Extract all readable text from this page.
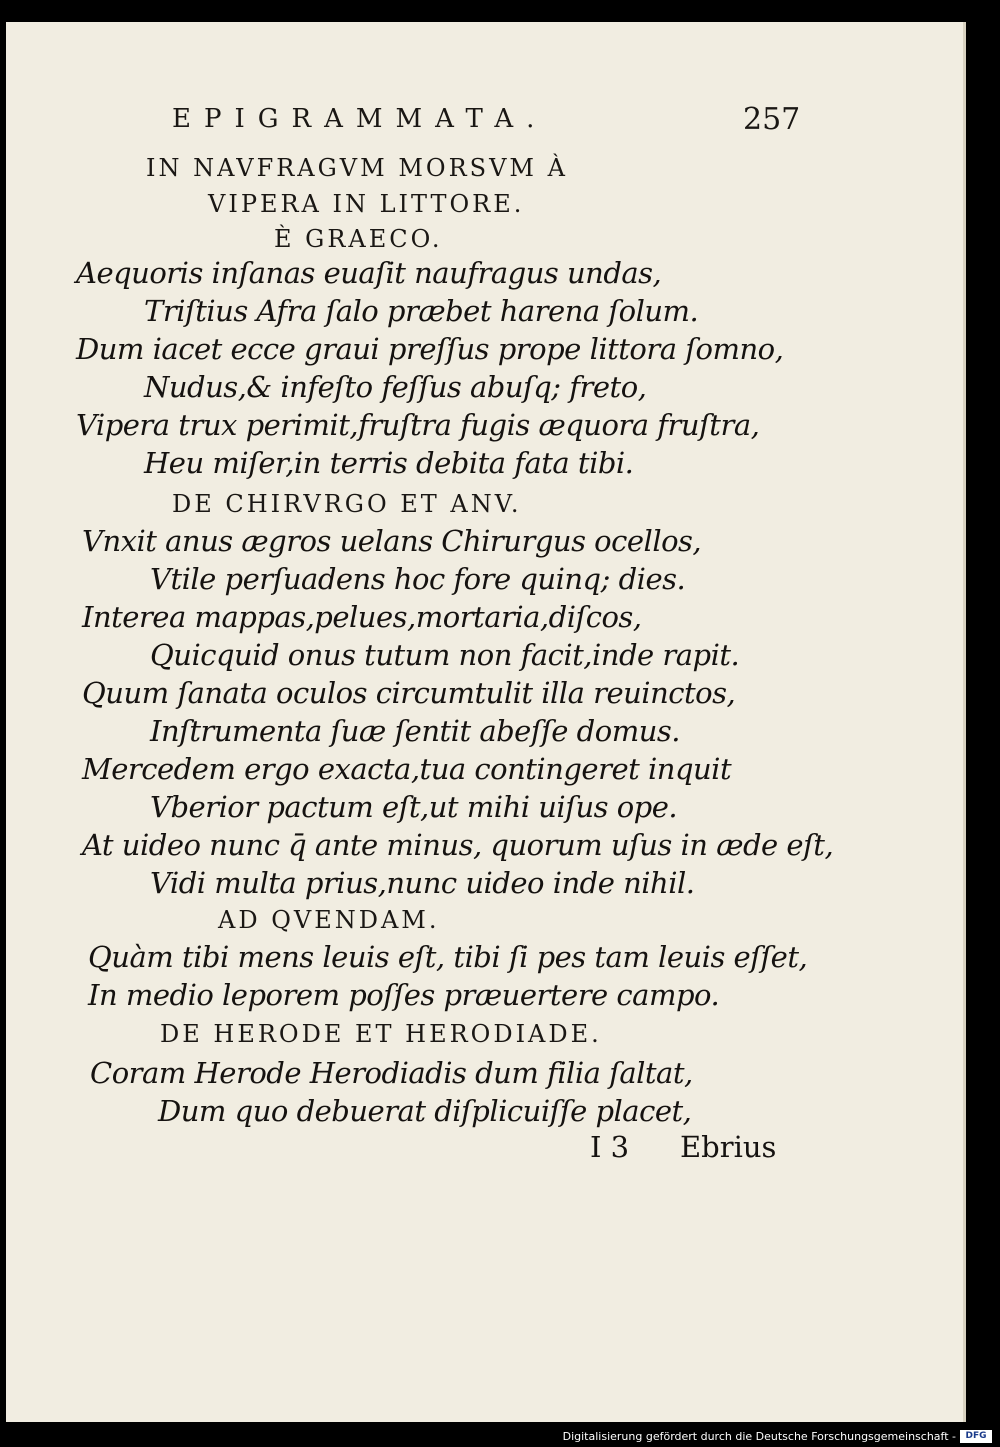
EPIGRAMMATA.	257
IN NAVFRAGVM MORSVM À
VIPERA IN LITTORE.
È GRAECO.
Aequoris inſanas euaſit naufragus undas,
Triſtius Afra ſalo præbet harena ſolum.
Dum iacet ecce graui preſſus prope littora ſomno,
Nudus,& infeſto feſſus abuſq; freto,
Vipera trux perimit,fruſtra fugis æquora fruſtra,
Heu miſer,in terris debita fata tibi.
DE CHIRVRGO ET ANV.
Vnxit anus ægros uelans Chirurgus ocellos,
Vtile perſuadens hoc fore quinq; dies.
Interea mappas,pelues,mortaria,diſcos,
Quicquid onus tutum non facit,inde rapit.
Quum ſanata oculos circumtulit illa reuinctos,
Inſtrumenta ſuæ ſentit abeſſe domus.
Mercedem ergo exacta,tua contingeret inquit
Vberior pactum eſt,ut mihi uiſus ope.
At uideo nunc q̄ ante minus, quorum uſus in æde eſt,
Vidi multa prius,nunc uideo inde nihil.
AD QVENDAM.
Quàm tibi mens leuis eſt, tibi ſi pes tam leuis eſſet,
In medio leporem poſſes præuertere campo.
DE HERODE ET HERODIADE.
Coram Herode Herodiadis dum filia ſaltat,
Dum quo debuerat diſplicuiſſe placet,
I 3 Ebrius
Digitalisierung gefördert durch die Deutsche Forschungsgemeinschaft -	DFG
